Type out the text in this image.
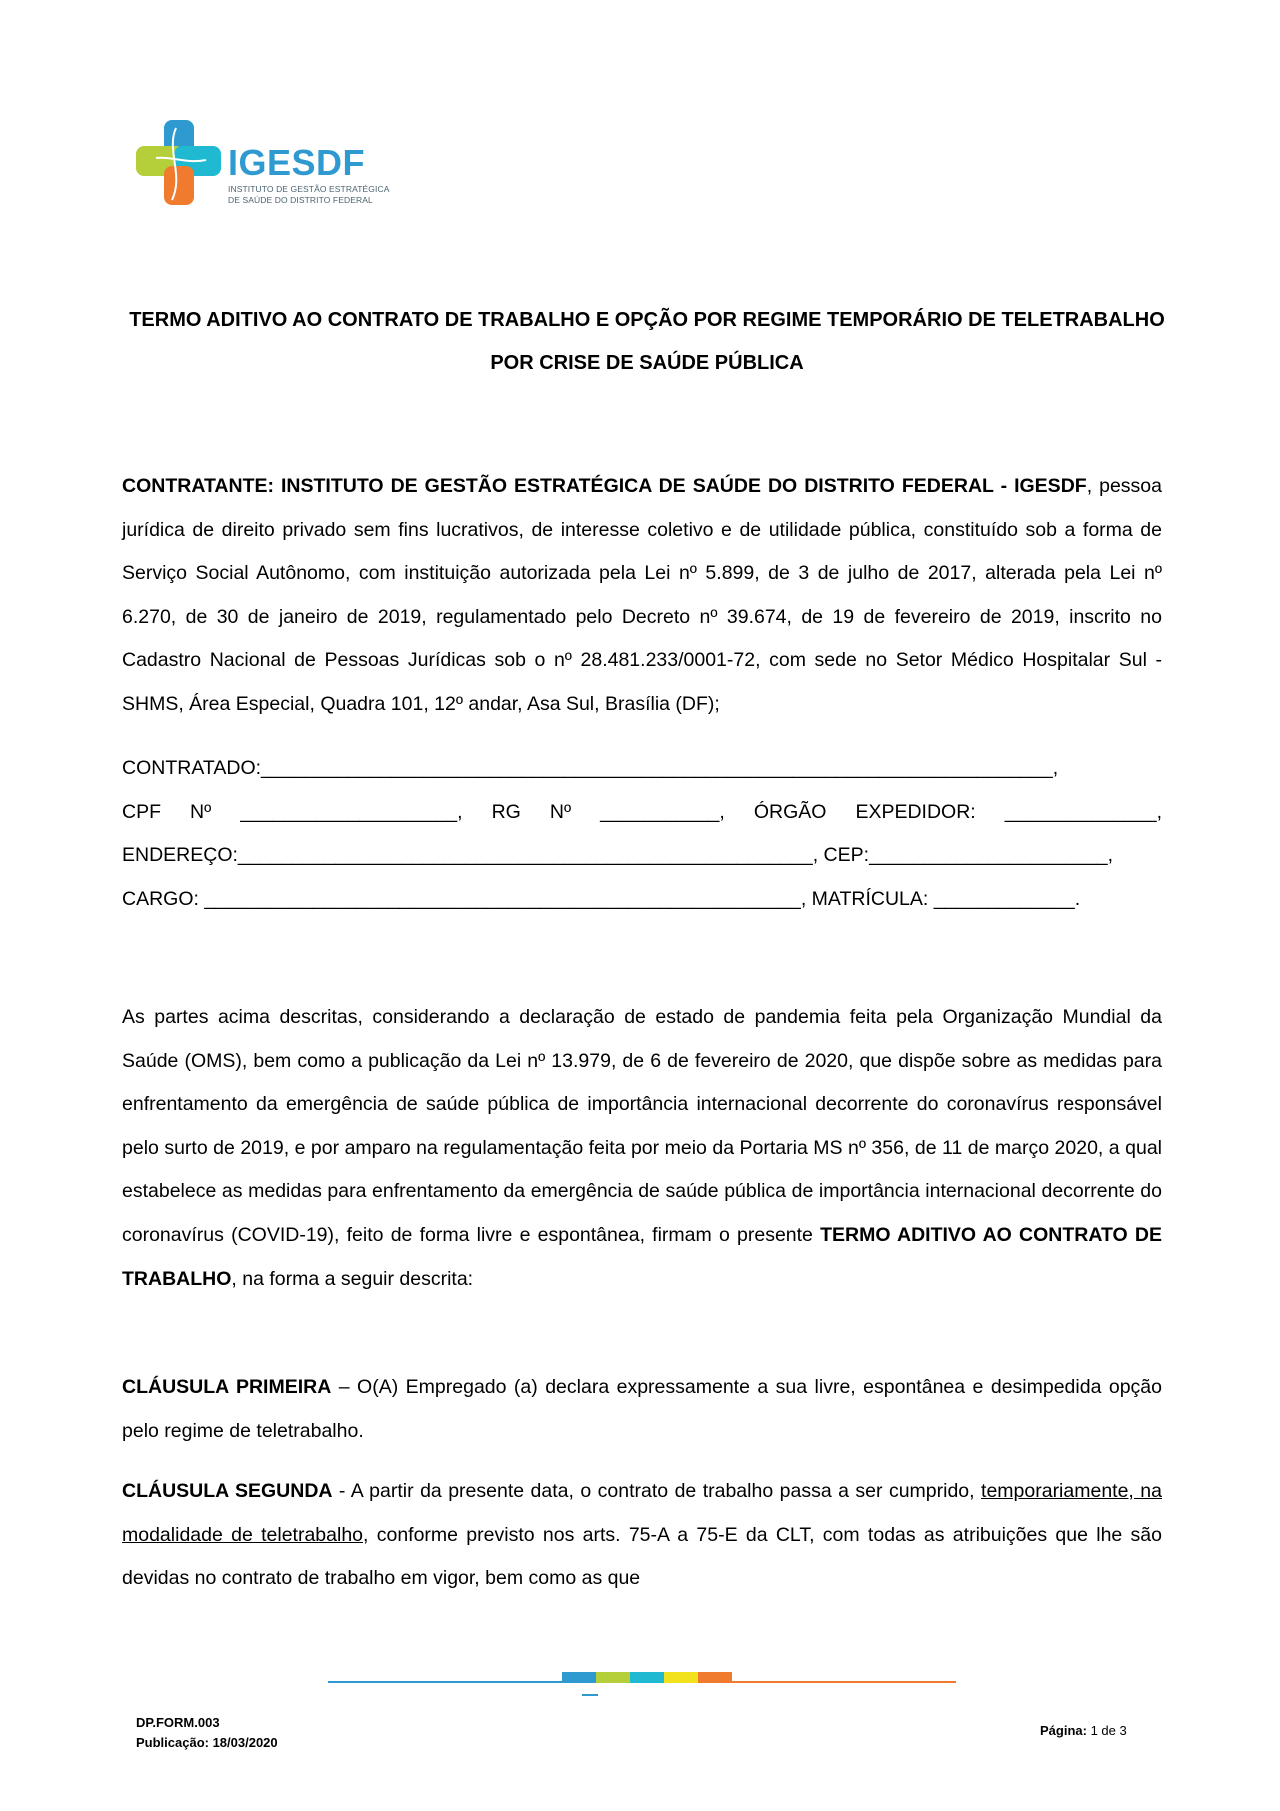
IGESDF
INSTITUTO DE GESTÃO ESTRATÉGICA
DE SAÚDE DO DISTRITO FEDERAL
TERMO ADITIVO AO CONTRATO DE TRABALHO E OPÇÃO POR REGIME TEMPORÁRIO DE TELETRABALHO
POR CRISE DE SAÚDE PÚBLICA
CONTRATANTE: INSTITUTO DE GESTÃO ESTRATÉGICA DE SAÚDE DO DISTRITO FEDERAL - IGESDF, pessoa jurídica de direito privado sem fins lucrativos, de interesse coletivo e de utilidade pública, constituído sob a forma de Serviço Social Autônomo, com instituição autorizada pela Lei nº 5.899, de 3 de julho de 2017, alterada pela Lei nº 6.270, de 30 de janeiro de 2019, regulamentado pelo Decreto nº 39.674, de 19 de fevereiro de 2019, inscrito no Cadastro Nacional de Pessoas Jurídicas sob o nº 28.481.233/0001-72, com sede no Setor Médico Hospitalar Sul - SHMS, Área Especial, Quadra 101, 12º andar, Asa Sul, Brasília (DF);
CONTRATADO:_________________________________________________________________________,
CPF Nº ____________________, RG Nº ___________, ÓRGÃO EXPEDIDOR: ______________,
ENDEREÇO:_____________________________________________________, CEP:______________________,
CARGO: _______________________________________________________, MATRÍCULA: _____________.
As partes acima descritas, considerando a declaração de estado de pandemia feita pela Organização Mundial da Saúde (OMS), bem como a publicação da Lei nº 13.979, de 6 de fevereiro de 2020, que dispõe sobre as medidas para enfrentamento da emergência de saúde pública de importância internacional decorrente do coronavírus responsável pelo surto de 2019, e por amparo na regulamentação feita por meio da Portaria MS nº 356, de 11 de março 2020, a qual estabelece as medidas para enfrentamento da emergência de saúde pública de importância internacional decorrente do coronavírus (COVID-19), feito de forma livre e espontânea, firmam o presente TERMO ADITIVO AO CONTRATO DE TRABALHO, na forma a seguir descrita:
CLÁUSULA PRIMEIRA – O(A) Empregado (a) declara expressamente a sua livre, espontânea e desimpedida opção pelo regime de teletrabalho.
CLÁUSULA SEGUNDA - A partir da presente data, o contrato de trabalho passa a ser cumprido, temporariamente, na modalidade de teletrabalho, conforme previsto nos arts. 75-A a 75-E da CLT, com todas as atribuições que lhe são devidas no contrato de trabalho em vigor, bem como as que
DP.FORM.003
Publicação: 18/03/2020
Página: 1 de 3
